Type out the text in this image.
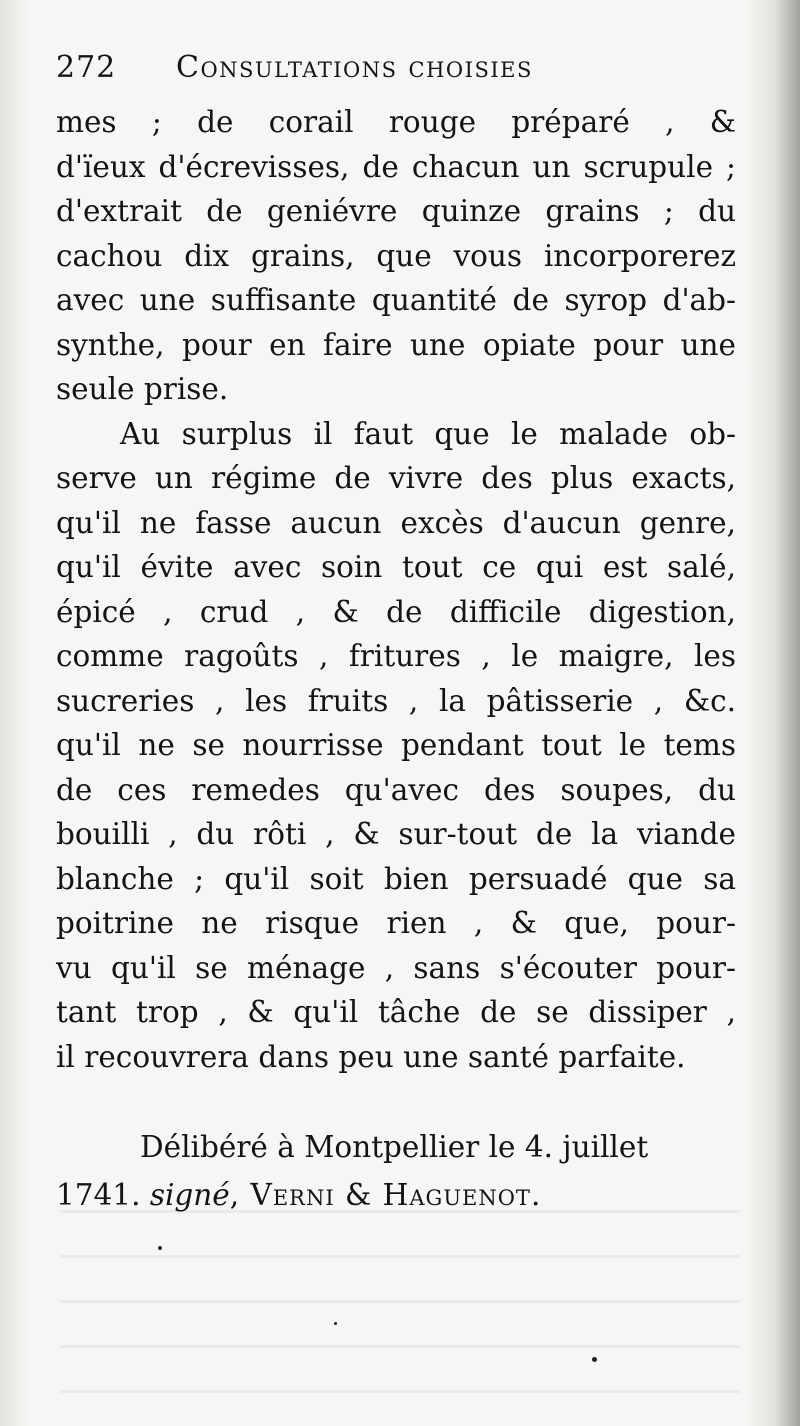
272	Consultations choisies
mes ; de corail rouge préparé , &
d'ïeux d'écrevisses, de chacun un scrupule ;
d'extrait de geniévre quinze grains ; du
cachou dix grains, que vous incorporerez
avec une suffisante quantité de syrop d'ab-
synthe, pour en faire une opiate pour une
seule prise.
Au surplus il faut que le malade ob-
serve un régime de vivre des plus exacts,
qu'il ne fasse aucun excès d'aucun genre,
qu'il évite avec soin tout ce qui est salé,
épicé , crud , & de difficile digestion,
comme ragoûts , fritures , le maigre, les
sucreries , les fruits , la pâtisserie , &c.
qu'il ne se nourrisse pendant tout le tems
de ces remedes qu'avec des soupes, du
bouilli , du rôti , & sur-tout de la viande
blanche ; qu'il soit bien persuadé que sa
poitrine ne risque rien , & que, pour-
vu qu'il se ménage , sans s'écouter pour-
tant trop , & qu'il tâche de se dissiper ,
il recouvrera dans peu une santé parfaite.
Délibéré à Montpellier le 4. juillet
1741. signé, Verni & Haguenot.
